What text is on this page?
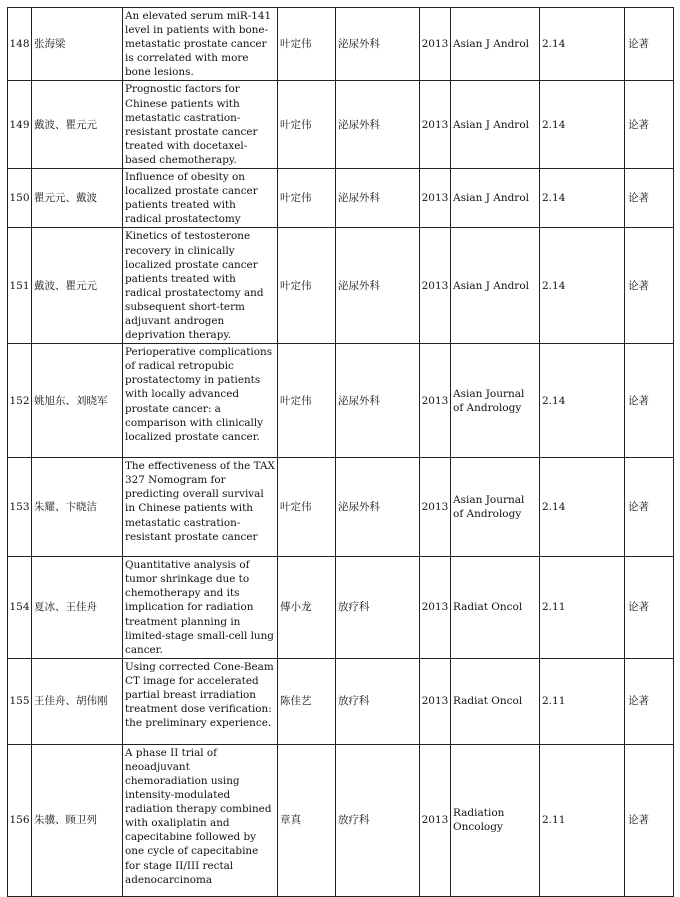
148	张海梁	An elevated serum miR-141 level in patients with bone-metastatic prostate cancer is correlated with more bone lesions.	叶定伟	泌尿外科	2013	Asian J Androl	2.14	论著
149	戴波、瞿元元	Prognostic factors for Chinese patients with metastatic castration-resistant prostate cancer treated with docetaxel-based chemotherapy.	叶定伟	泌尿外科	2013	Asian J Androl	2.14	论著
150	瞿元元、戴波	Influence of obesity on localized prostate cancer patients treated with radical prostatectomy	叶定伟	泌尿外科	2013	Asian J Androl	2.14	论著
151	戴波、瞿元元	Kinetics of testosterone recovery in clinically localized prostate cancer patients treated with radical prostatectomy and subsequent short-term adjuvant androgen deprivation therapy.	叶定伟	泌尿外科	2013	Asian J Androl	2.14	论著
152	姚旭东、刘晓军	Perioperative complications of radical retropubic prostatectomy in patients with locally advanced prostate cancer: a comparison with clinically localized prostate cancer.	叶定伟	泌尿外科	2013	Asian Journal of Andrology	2.14	论著
153	朱耀、卞晓洁	The effectiveness of the TAX 327 Nomogram for predicting overall survival in Chinese patients with metastatic castration-resistant prostate cancer	叶定伟	泌尿外科	2013	Asian Journal of Andrology	2.14	论著
154	夏冰、王佳舟	Quantitative analysis of tumor shrinkage due to chemotherapy and its implication for radiation treatment planning in limited-stage small-cell lung cancer.	傅小龙	放疗科	2013	Radiat Oncol	2.11	论著
155	王佳舟、胡伟刚	Using corrected Cone-Beam CT image for accelerated partial breast irradiation treatment dose verification: the preliminary experience.	陈佳艺	放疗科	2013	Radiat Oncol	2.11	论著
156	朱骥、顾卫列	A phase II trial of neoadjuvant chemoradiation using intensity-modulated radiation therapy combined with oxaliplatin and capecitabine followed by one cycle of capecitabine for stage II/III rectal adenocarcinoma	章真	放疗科	2013	Radiation Oncology	2.11	论著
